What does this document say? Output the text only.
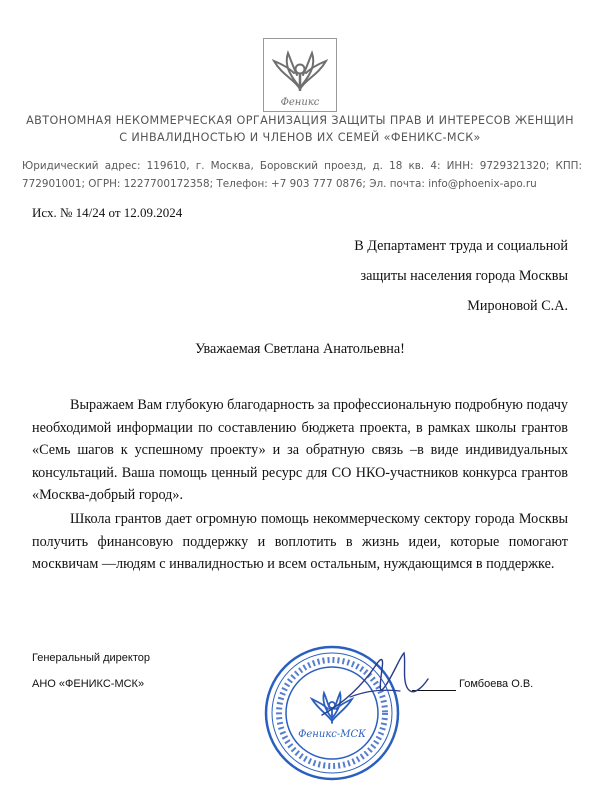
Феникс
АВТОНОМНАЯ НЕКОММЕРЧЕСКАЯ ОРГАНИЗАЦИЯ ЗАЩИТЫ ПРАВ И ИНТЕРЕСОВ ЖЕНЩИН С ИНВАЛИДНОСТЬЮ И ЧЛЕНОВ ИХ СЕМЕЙ «ФЕНИКС-МСК»
Юридический адрес: 119610, г. Москва, Боровский проезд, д. 18 кв. 4: ИНН: 9729321320; КПП: 772901001; ОГРН: 1227700172358; Телефон: +7 903 777 0876; Эл. почта: info@phoenix-apo.ru
Исх. № 14/24 от 12.09.2024
В Департамент труда и социальной
защиты населения города Москвы
Мироновой С.А.
Уважаемая Светлана Анатольевна!
Выражаем Вам глубокую благодарность за профессиональную подробную подачу необходимой информации по составлению бюджета проекта, в рамках школы грантов «Семь шагов к успешному проекту» и за обратную связь –в виде индивидуальных консультаций. Ваша помощь ценный ресурс для СО НКО-участников конкурса грантов «Москва-добрый город».
Школа грантов дает огромную помощь некоммерческому сектору города Москвы получить финансовую поддержку и воплотить в жизнь идеи, которые помогают москвичам —людям с инвалидностью и всем остальным, нуждающимся в поддержке.
Генеральный директор
АНО «ФЕНИКС-МСК»	Гомбоева О.В.
Феникс-МСК
